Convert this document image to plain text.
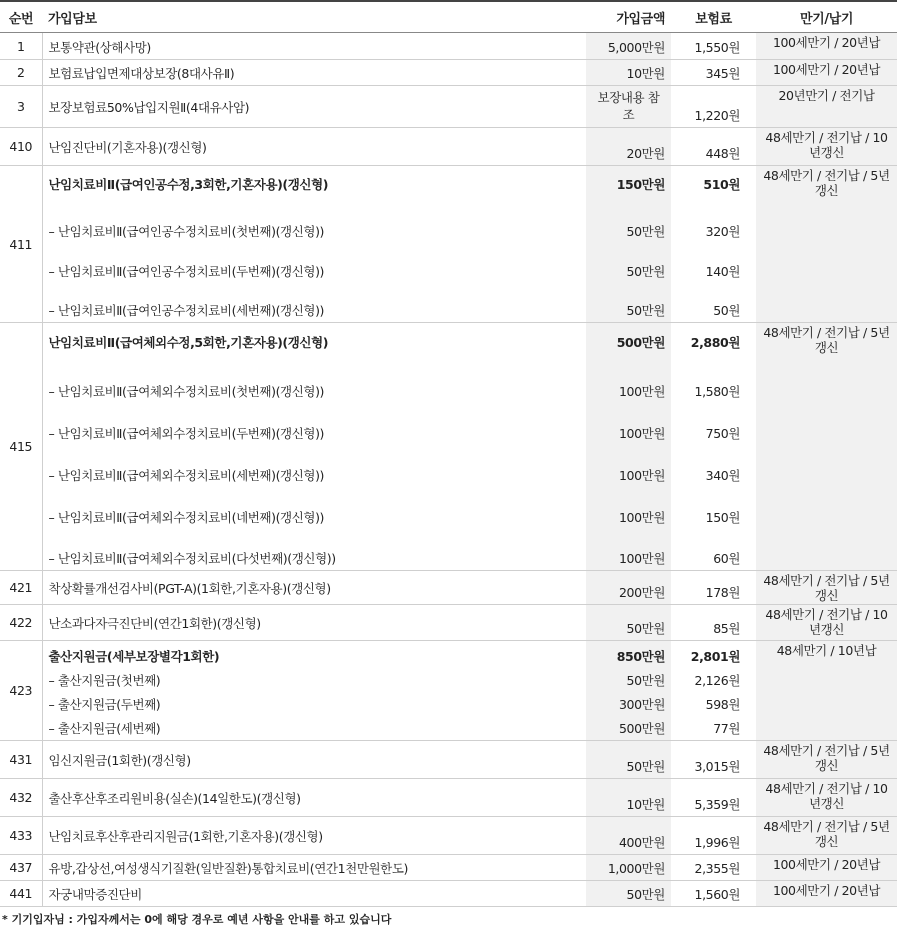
순번	가입담보	가입금액	보험료	만기/납기
1	보통약관(상해사망)	5,000만원	1,550원	100세만기 / 20년납
2	보험료납입면제대상보장(8대사유Ⅱ)	10만원	345원	100세만기 / 20년납
3	보장보험료50%납입지원Ⅱ(4대유사암)	보장내용 참조	1,220원	20년만기 / 전기납
410	난임진단비(기혼자용)(갱신형)	20만원	448원	48세만기 / 전기납 / 10년갱신
411	난임치료비Ⅱ(급여인공수정,3회한,기혼자용)(갱신형)	150만원	510원	48세만기 / 전기납 / 5년갱신
	– 난임치료비Ⅱ(급여인공수정치료비(첫번째)(갱신형))	50만원	320원	
	– 난임치료비Ⅱ(급여인공수정치료비(두번째)(갱신형))	50만원	140원	
	– 난임치료비Ⅱ(급여인공수정치료비(세번째)(갱신형))	50만원	50원	
415	난임치료비Ⅱ(급여체외수정,5회한,기혼자용)(갱신형)	500만원	2,880원	48세만기 / 전기납 / 5년갱신
	– 난임치료비Ⅱ(급여체외수정치료비(첫번째)(갱신형))	100만원	1,580원	
	– 난임치료비Ⅱ(급여체외수정치료비(두번째)(갱신형))	100만원	750원	
	– 난임치료비Ⅱ(급여체외수정치료비(세번째)(갱신형))	100만원	340원	
	– 난임치료비Ⅱ(급여체외수정치료비(네번째)(갱신형))	100만원	150원	
	– 난임치료비Ⅱ(급여체외수정치료비(다섯번째)(갱신형))	100만원	60원	
421	착상확률개선검사비(PGT-A)(1회한,기혼자용)(갱신형)	200만원	178원	48세만기 / 전기납 / 5년갱신
422	난소과다자극진단비(연간1회한)(갱신형)	50만원	85원	48세만기 / 전기납 / 10년갱신
423	출산지원금(세부보장별각1회한)	850만원	2,801원	48세만기 / 10년납
	– 출산지원금(첫번째)	50만원	2,126원	
	– 출산지원금(두번째)	300만원	598원	
	– 출산지원금(세번째)	500만원	77원	
431	임신지원금(1회한)(갱신형)	50만원	3,015원	48세만기 / 전기납 / 5년갱신
432	출산후산후조리원비용(실손)(14일한도)(갱신형)	10만원	5,359원	48세만기 / 전기납 / 10년갱신
433	난임치료후산후관리지원금(1회한,기혼자용)(갱신형)	400만원	1,996원	48세만기 / 전기납 / 5년갱신
437	유방,갑상선,여성생식기질환(일반질환)통합치료비(연간1천만원한도)	1,000만원	2,355원	100세만기 / 20년납
441	자궁내막증진단비	50만원	1,560원	100세만기 / 20년납
* 기기입자님 : 가입자께서는 0에 해당 경우로 예년 사항을 안내를 하고 있습니다
